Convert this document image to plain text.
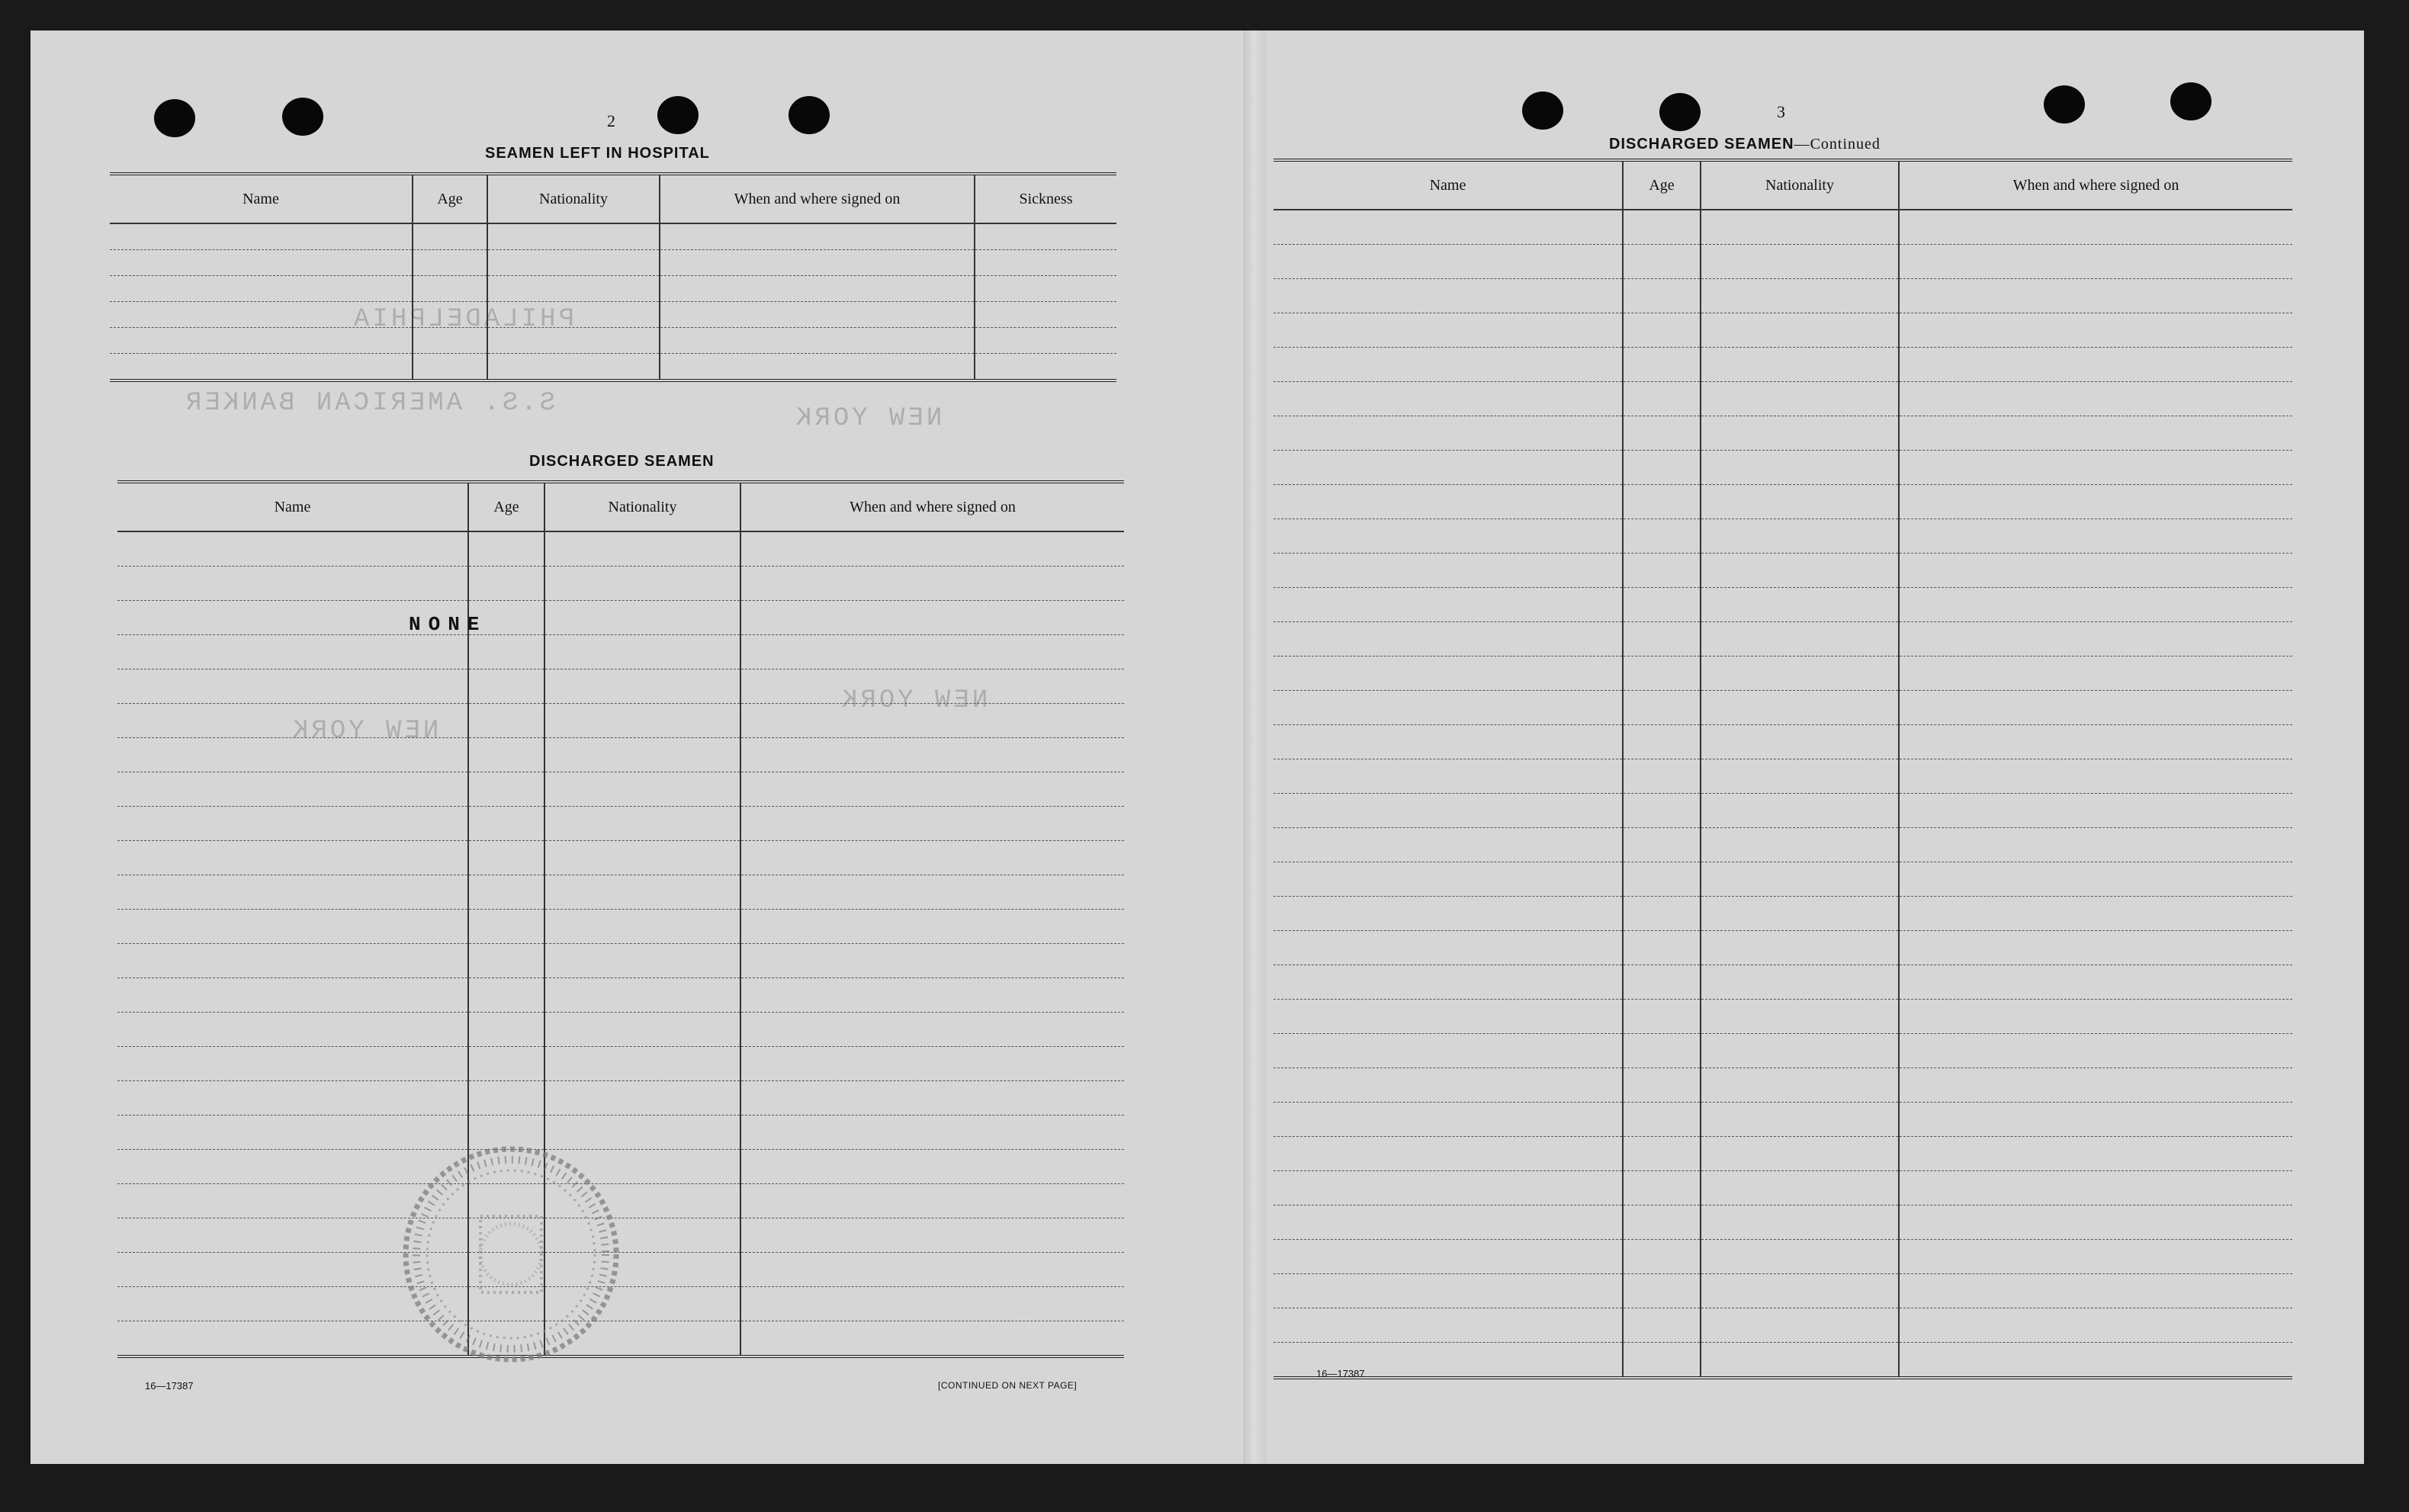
PHILADELPHIA
S.S. AMERICAN BANKER
NEW YORK
NEW YORK
NEW YORK
2
SEAMEN LEFT IN HOSPITAL
Name	Age	Nationality	When and where signed on	Sickness

DISCHARGED SEAMEN
Name	Age	Nationality	When and where signed on

NONE
16—17387	[CONTINUED ON NEXT PAGE]
3
DISCHARGED SEAMEN—Continued
Name	Age	Nationality	When and where signed on

16—17387
